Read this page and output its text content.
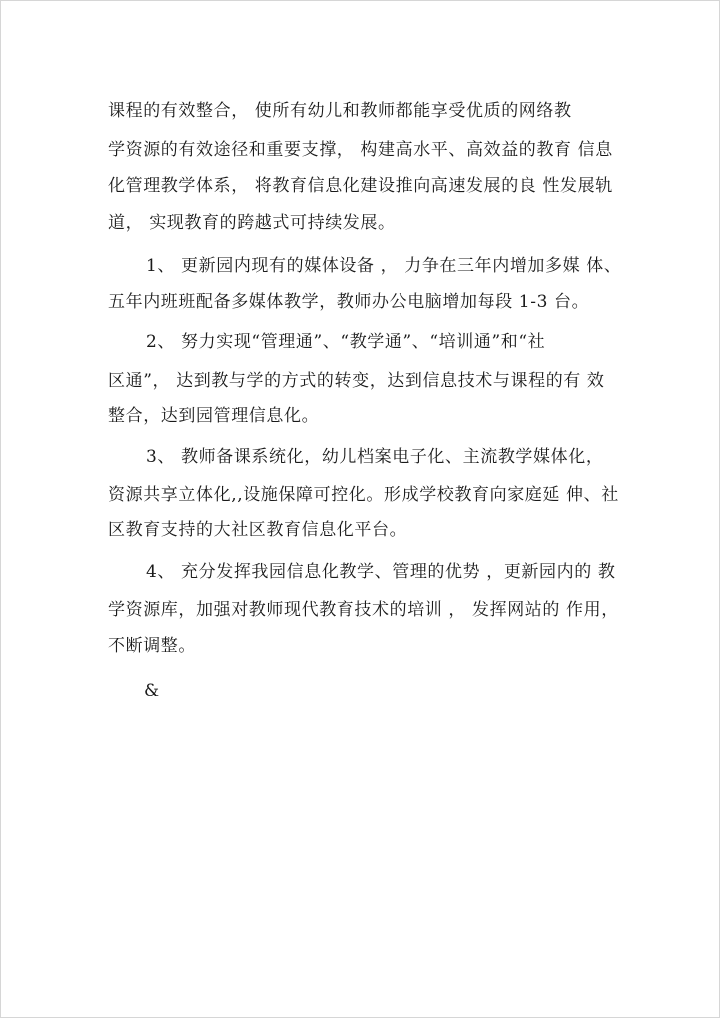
课程的有效整合， 使所有幼儿和教师都能享受优质的网络教
学资源的有效途径和重要支撑， 构建高水平、高效益的教育 信息
化管理教学体系， 将教育信息化建设推向高速发展的良 性发展轨
道， 实现教育的跨越式可持续发展。
1、 更新园内现有的媒体设备 ， 力争在三年内增加多媒 体、
五年内班班配备多媒体教学，教师办公电脑增加每段 1-3 台。
2、 努力实现“管理通”、“教学通”、“培训通”和“社
区通”， 达到教与学的方式的转变，达到信息技术与课程的有 效
整合，达到园管理信息化。
3、 教师备课系统化，幼儿档案电子化、主流教学媒体化，
资源共享立体化,,设施保障可控化。形成学校教育向家庭延 伸、社
区教育支持的大社区教育信息化平台。
4、 充分发挥我园信息化教学、管理的优势 ，更新园内的 教
学资源库，加强对教师现代教育技术的培训 ， 发挥网站的 作用，
不断调整。
&
